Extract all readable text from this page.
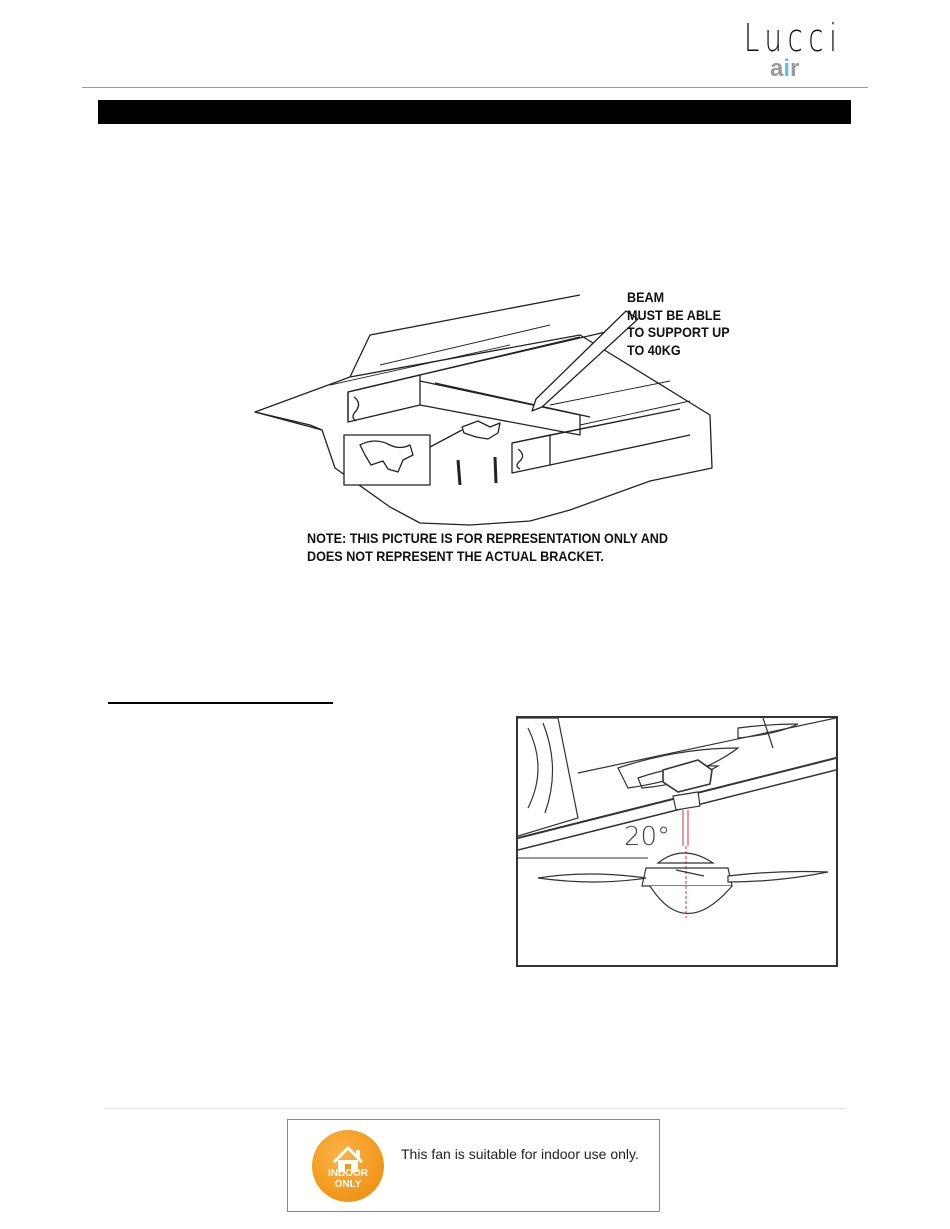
Lucci
air
BEAM
MUST BE ABLE
TO SUPPORT UP
TO 40KG
NOTE: THIS PICTURE IS FOR REPRESENTATION ONLY AND
DOES NOT REPRESENT THE ACTUAL BRACKET.
20°
INDOOR
ONLY
This fan is suitable for indoor use only.
